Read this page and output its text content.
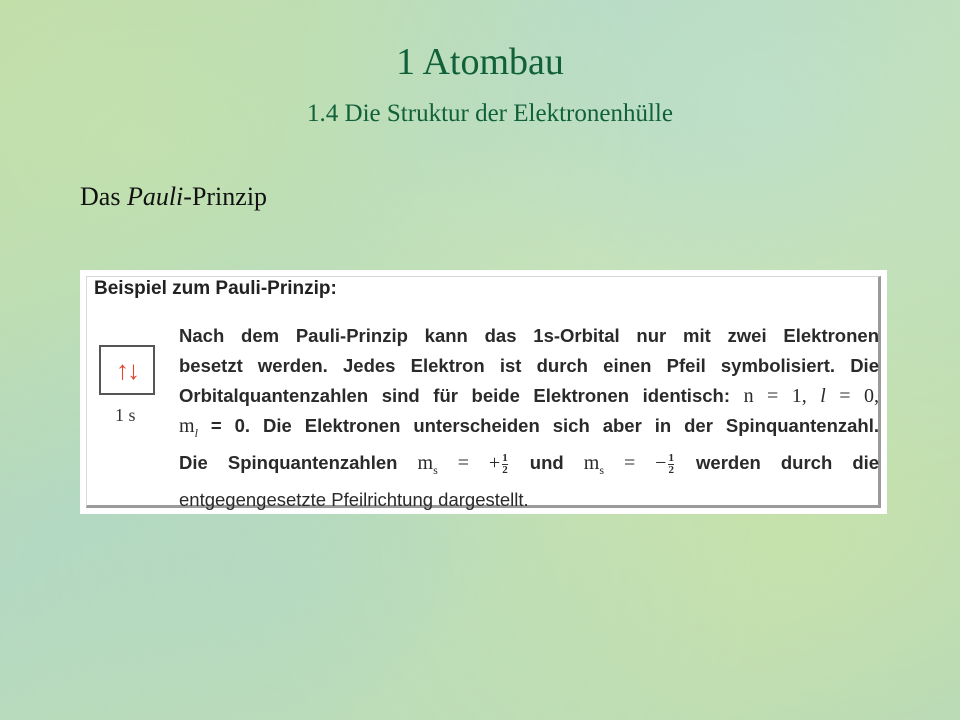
1 Atombau
1.4 Die Struktur der Elektronenhülle
Das Pauli-Prinzip
Beispiel zum Pauli-Prinzip:
↑↓
1 s
Nach dem Pauli-Prinzip kann das 1s-Orbital nur mit zwei Elektronen
besetzt werden. Jedes Elektron ist durch einen Pfeil symbolisiert. Die
Orbitalquantenzahlen sind für beide Elektronen identisch: n = 1, l = 0,
$m_l = 0$. Die Elektronen unterscheiden sich aber in der Spinquantenzahl.
Die Spinquantenzahlen $m_s$ = + $\frac{1}{2}$ und $m_s$ = − $\frac{1}{2}$ werden durch die
entgegengesetzte Pfeilrichtung dargestellt.
